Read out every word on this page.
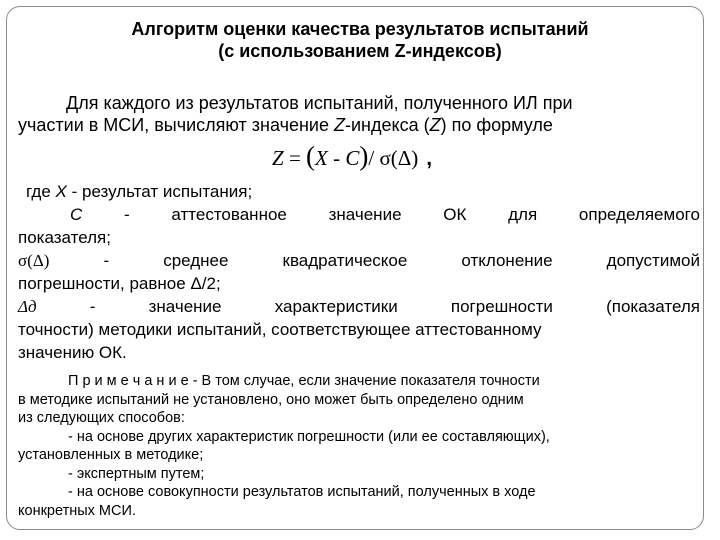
Алгоритм оценки качества результатов испытаний
(с использованием Z-индексов)
Для каждого из результатов испытаний, полученного ИЛ при
участии в МСИ, вычисляют значение Z-индекса (Z) по формуле
Z = (X - C)/ σ(Δ) ,
где X - результат испытания;
C - аттестованное значение ОК для определяемого
показателя;
σ(Δ)	-	среднее	квадратическое	отклонение	допустимой
погрешности, равное Δ/2;
Δд	-	значение	характеристики	погрешности	(показателя
точности) методики испытаний, соответствующее аттестованному
значению ОК.
П р и м е ч а н и е - В том случае, если значение показателя точности
в методике испытаний не установлено, оно может быть определено одним
из следующих способов:
- на основе других характеристик погрешности (или ее составляющих),
установленных в методике;
- экспертным путем;
- на основе совокупности результатов испытаний, полученных в ходе
конкретных МСИ.
